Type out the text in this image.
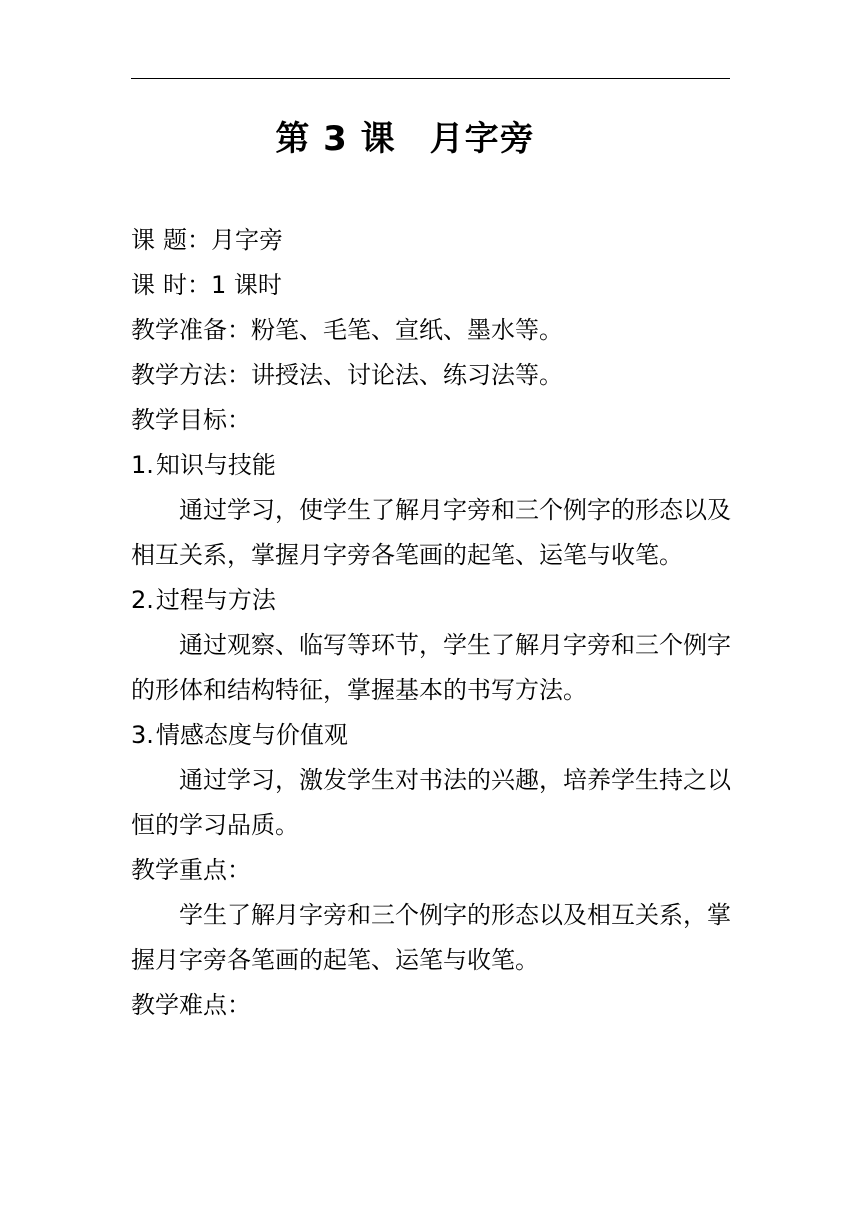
第 3 课 月字旁
课 题： 月字旁
课 时： 1 课时
教学准备：粉笔、毛笔、宣纸、墨水等。
教学方法：讲授法、讨论法、练习法等。
教学目标：
1.知识与技能
通过学习，使学生了解月字旁和三个例字的形态以及相互关系，掌握月字旁各笔画的起笔、运笔与收笔。
2.过程与方法
通过观察、临写等环节，学生了解月字旁和三个例字的形体和结构特征，掌握基本的书写方法。
3.情感态度与价值观
通过学习，激发学生对书法的兴趣，培养学生持之以恒的学习品质。
教学重点：
学生了解月字旁和三个例字的形态以及相互关系，掌握月字旁各笔画的起笔、运笔与收笔。
教学难点：
